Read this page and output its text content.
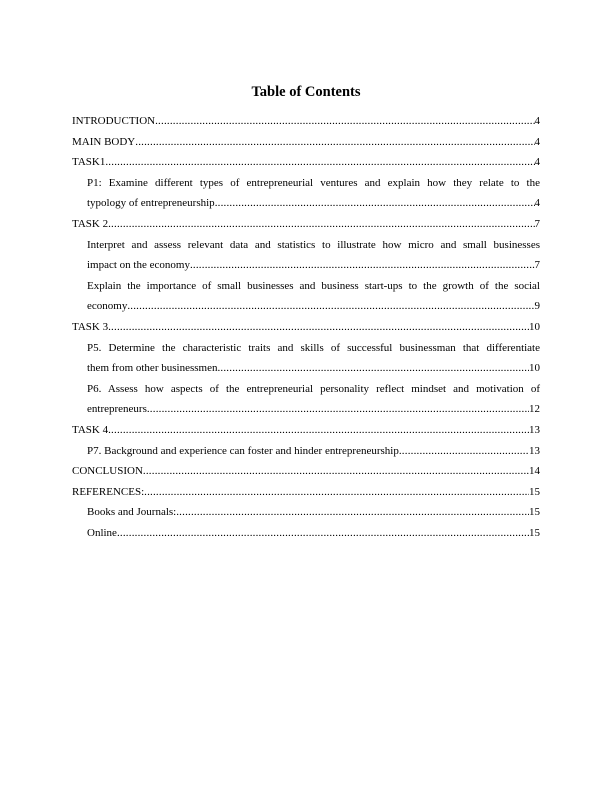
Table of Contents
INTRODUCTION .....	4
MAIN BODY .....	4
TASK1 .....	4
P1: Examine different types of entrepreneurial ventures and explain how they relate to the
typology of entrepreneurship .....	4
TASK 2 .....	7
Interpret and assess relevant data and statistics to illustrate how micro and small businesses
impact on the economy .....	7
Explain the importance of small businesses and business start-ups to the growth of the social
economy .....	9
TASK 3 .....	10
P5. Determine the characteristic traits and skills of successful businessman that differentiate
them from other businessmen .....	10
P6. Assess how aspects of the entrepreneurial personality reflect mindset and motivation of
entrepreneurs .....	12
TASK 4 .....	13
P7. Background and experience can foster and hinder entrepreneurship .....	13
CONCLUSION .....	14
REFERENCES: .....	15
Books and Journals: .....	15
Online .....	15
